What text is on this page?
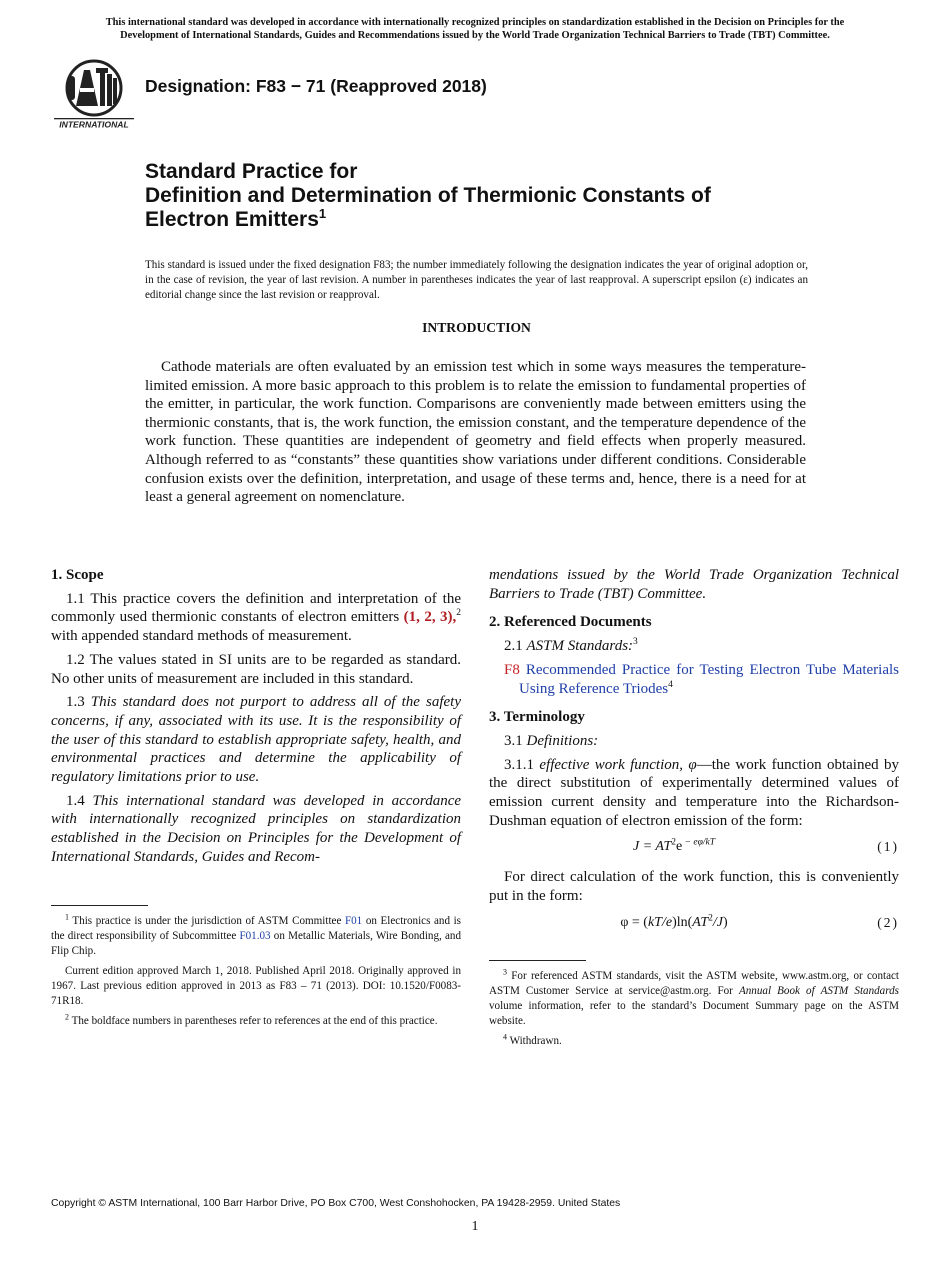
This international standard was developed in accordance with internationally recognized principles on standardization established in the Decision on Principles for the
Development of International Standards, Guides and Recommendations issued by the World Trade Organization Technical Barriers to Trade (TBT) Committee.
INTERNATIONAL
Designation: F83 − 71 (Reapproved 2018)
Standard Practice for
Definition and Determination of Thermionic Constants of
Electron Emitters$^1$
This standard is issued under the fixed designation F83; the number immediately following the designation indicates the year of original adoption or, in the case of revision, the year of last revision. A number in parentheses indicates the year of last reapproval. A superscript epsilon (ε) indicates an editorial change since the last revision or reapproval.
INTRODUCTION

Cathode materials are often evaluated by an emission test which in some ways measures the temperature-limited emission. A more basic approach to this problem is to relate the emission to fundamental properties of the emitter, in particular, the work function. Comparisons are conveniently made between emitters using the thermionic constants, that is, the work function, the emission constant, and the temperature dependence of the work function. These quantities are independent of geometry and field effects when properly measured. Although referred to as “constants” these quantities show variations under different conditions. Considerable confusion exists over the definition, interpretation, and usage of these terms and, hence, there is a need for at least a general agreement on nomenclature.

1. Scope

1.1 This practice covers the definition and interpretation of the commonly used thermionic constants of electron emitters (1, 2, 3),$^2$ with appended standard methods of measurement.

1.2 The values stated in SI units are to be regarded as standard. No other units of measurement are included in this standard.

1.3 This standard does not purport to address all of the safety concerns, if any, associated with its use. It is the responsibility of the user of this standard to establish appropriate safety, health, and environmental practices and determine the applicability of regulatory limitations prior to use.

1.4 This international standard was developed in accordance with internationally recognized principles on standardization established in the Decision on Principles for the Development of International Standards, Guides and Recom-

$^1$ This practice is under the jurisdiction of ASTM Committee F01 on Electronics and is the direct responsibility of Subcommittee F01.03 on Metallic Materials, Wire Bonding, and Flip Chip.

Current edition approved March 1, 2018. Published April 2018. Originally approved in 1967. Last previous edition approved in 2013 as F83 – 71 (2013). DOI: 10.1520/F0083-71R18.

$^2$ The boldface numbers in parentheses refer to references at the end of this practice.

mendations issued by the World Trade Organization Technical Barriers to Trade (TBT) Committee.

2. Referenced Documents

2.1 ASTM Standards:$^3$

F8 Recommended Practice for Testing Electron Tube Materials Using Reference Triodes$^4$

3. Terminology

3.1 Definitions:

3.1.1 effective work function, φ—the work function obtained by the direct substitution of experimentally determined values of emission current density and temperature into the Richardson-Dushman equation of electron emission of the form:

$J = AT^2e$ $^{- e\varphi/kT}$	(1)

For direct calculation of the work function, this is conveniently put in the form:

$\varphi = (kT/e)\ln(AT^2/J)$	(2)

$^3$ For referenced ASTM standards, visit the ASTM website, www.astm.org, or contact ASTM Customer Service at service@astm.org. For Annual Book of ASTM Standards volume information, refer to the standard’s Document Summary page on the ASTM website.

$^4$ Withdrawn.

Copyright © ASTM International, 100 Barr Harbor Drive, PO Box C700, West Conshohocken, PA 19428-2959. United States
1
